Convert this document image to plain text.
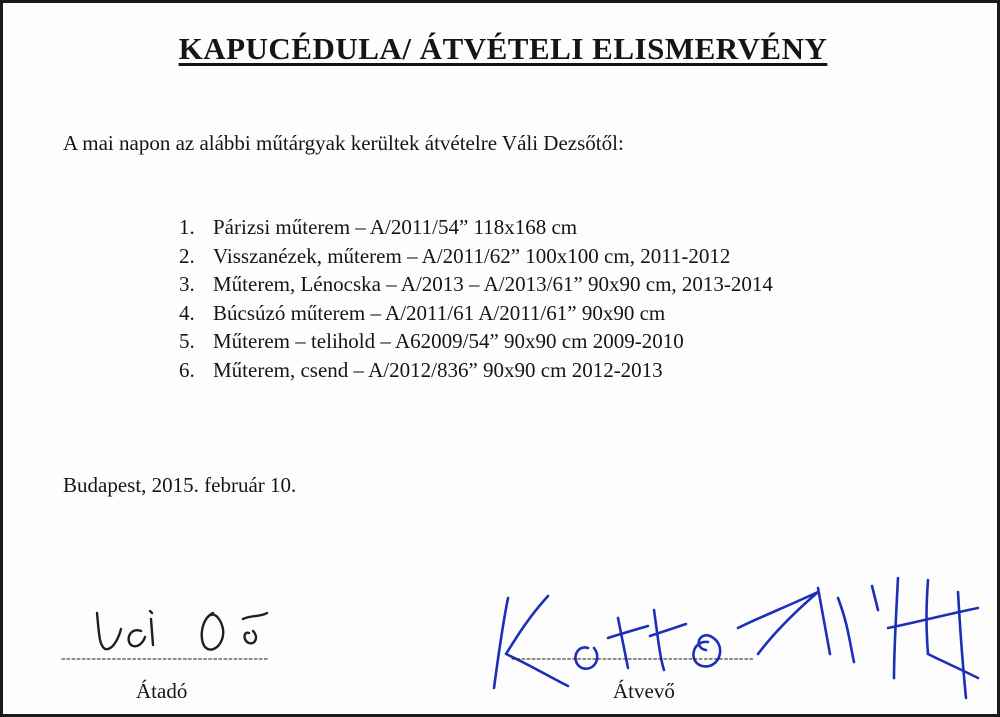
KAPUCÉDULA/ ÁTVÉTELI ELISMERVÉNY
A mai napon az alábbi műtárgyak kerültek átvételre Váli Dezsőtől:
1. Párizsi műterem – A/2011/54” 118x168 cm
2. Visszanézek, műterem – A/2011/62” 100x100 cm, 2011-2012
3. Műterem, Lénocska – A/2013 – A/2013/61” 90x90 cm, 2013-2014
4. Búcsúzó műterem – A/2011/61 A/2011/61” 90x90 cm
5. Műterem – telihold – A62009/54” 90x90 cm 2009-2010
6. Műterem, csend – A/2012/836” 90x90 cm 2012-2013
Budapest, 2015. február 10.
-----------------------------------------	------------------------------------------------
Átadó	Átvevő
